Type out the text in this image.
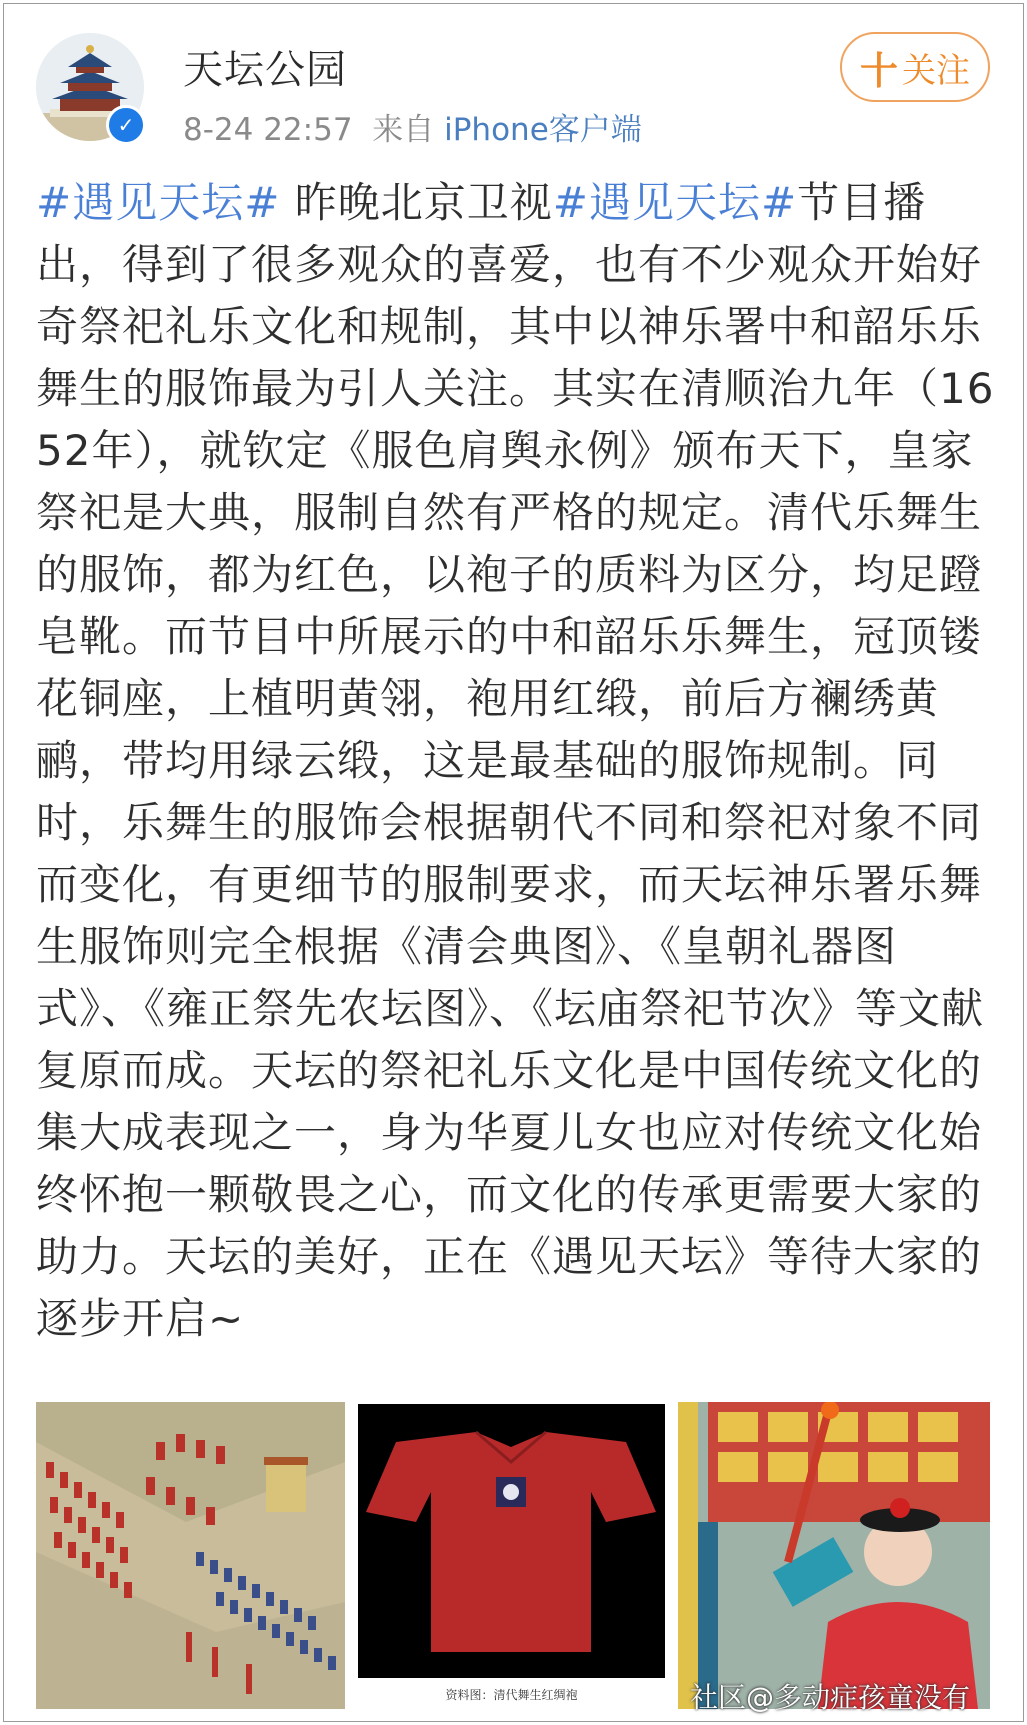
✓
天坛公园
8-24 22:57 来自 iPhone客户端
十 关注
#遇见天坛# 昨晚北京卫视#遇见天坛#节目播出，得到了很多观众的喜爱，也有不少观众开始好奇祭祀礼乐文化和规制，其中以神乐署中和韶乐乐舞生的服饰最为引人关注。其实在清顺治九年（1652年），就钦定《服色肩舆永例》颁布天下，皇家祭祀是大典，服制自然有严格的规定。清代乐舞生的服饰，都为红色，以袍子的质料为区分，均足蹬皂靴。而节目中所展示的中和韶乐乐舞生，冠顶镂花铜座，上植明黄翎，袍用红缎，前后方襕绣黄鹂，带均用绿云缎，这是最基础的服饰规制。同时，乐舞生的服饰会根据朝代不同和祭祀对象不同而变化，有更细节的服制要求，而天坛神乐署乐舞生服饰则完全根据《清会典图》、《皇朝礼器图式》、《雍正祭先农坛图》、《坛庙祭祀节次》等文献复原而成。天坛的祭祀礼乐文化是中国传统文化的集大成表现之一，身为华夏儿女也应对传统文化始终怀抱一颗敬畏之心，而文化的传承更需要大家的助力。天坛的美好，正在《遇见天坛》等待大家的逐步开启~
资料图：清代舞生红绸袍	社区@多动症孩童没有
